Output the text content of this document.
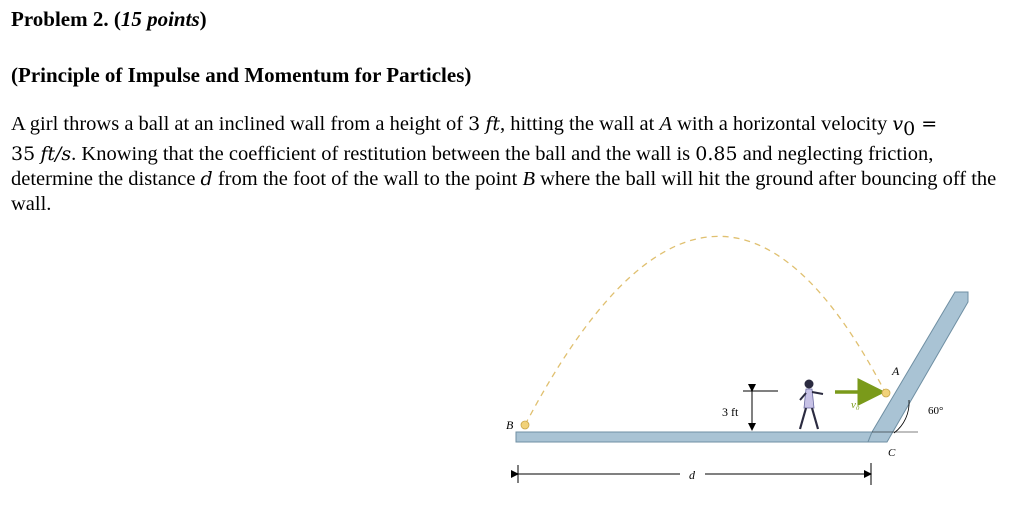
Problem 2. (15 points)
(Principle of Impulse and Momentum for Particles)

A girl throws a ball at an inclined wall from a height of 3 ft, hitting the wall at A with a horizontal velocity $v_0 = 35$ ft/s. Knowing that the coefficient of restitution between the ball and the wall is 0.85 and neglecting friction, determine the distance d from the foot of the wall to the point B where the ball will hit the ground after bouncing off the wall.

B
3 ft	v₀
A
60°
C
d
